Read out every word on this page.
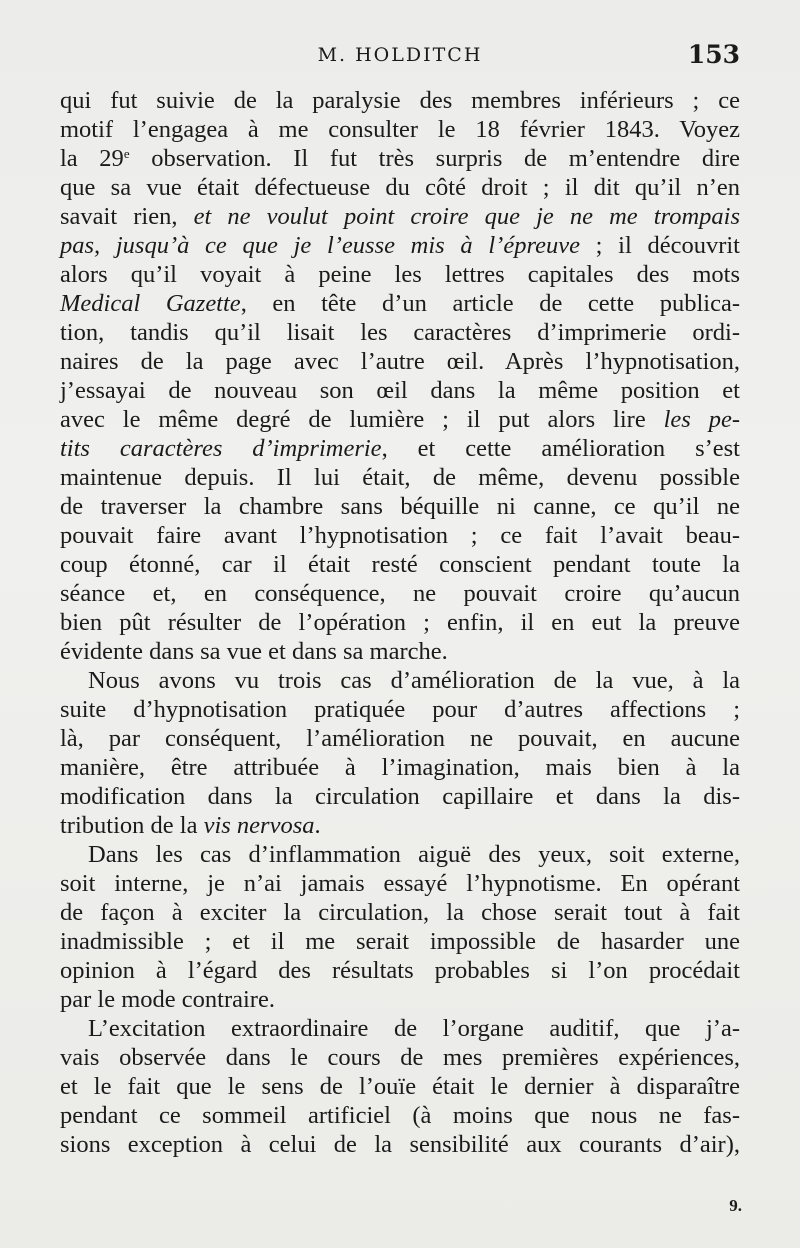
M. HOLDITCH	153
qui fut suivie de la paralysie des membres inférieurs ; ce
motif l’engagea à me consulter le 18 février 1843. Voyez
la 29e observation. Il fut très surpris de m’entendre dire
que sa vue était défectueuse du côté droit ; il dit qu’il n’en
savait rien, et ne voulut point croire que je ne me trompais
pas, jusqu’à ce que je l’eusse mis à l’épreuve ; il découvrit
alors qu’il voyait à peine les lettres capitales des mots
Medical Gazette, en tête d’un article de cette publica-
tion, tandis qu’il lisait les caractères d’imprimerie ordi-
naires de la page avec l’autre œil. Après l’hypnotisation,
j’essayai de nouveau son œil dans la même position et
avec le même degré de lumière ; il put alors lire les pe-
tits caractères d’imprimerie, et cette amélioration s’est
maintenue depuis. Il lui était, de même, devenu possible
de traverser la chambre sans béquille ni canne, ce qu’il ne
pouvait faire avant l’hypnotisation ; ce fait l’avait beau-
coup étonné, car il était resté conscient pendant toute la
séance et, en conséquence, ne pouvait croire qu’aucun
bien pût résulter de l’opération ; enfin, il en eut la preuve
évidente dans sa vue et dans sa marche.
Nous avons vu trois cas d’amélioration de la vue, à la
suite d’hypnotisation pratiquée pour d’autres affections ;
là, par conséquent, l’amélioration ne pouvait, en aucune
manière, être attribuée à l’imagination, mais bien à la
modification dans la circulation capillaire et dans la dis-
tribution de la vis nervosa.
Dans les cas d’inflammation aiguë des yeux, soit externe,
soit interne, je n’ai jamais essayé l’hypnotisme. En opérant
de façon à exciter la circulation, la chose serait tout à fait
inadmissible ; et il me serait impossible de hasarder une
opinion à l’égard des résultats probables si l’on procédait
par le mode contraire.
L’excitation extraordinaire de l’organe auditif, que j’a-
vais observée dans le cours de mes premières expériences,
et le fait que le sens de l’ouïe était le dernier à disparaître
pendant ce sommeil artificiel (à moins que nous ne fas-
sions exception à celui de la sensibilité aux courants d’air),
9.
